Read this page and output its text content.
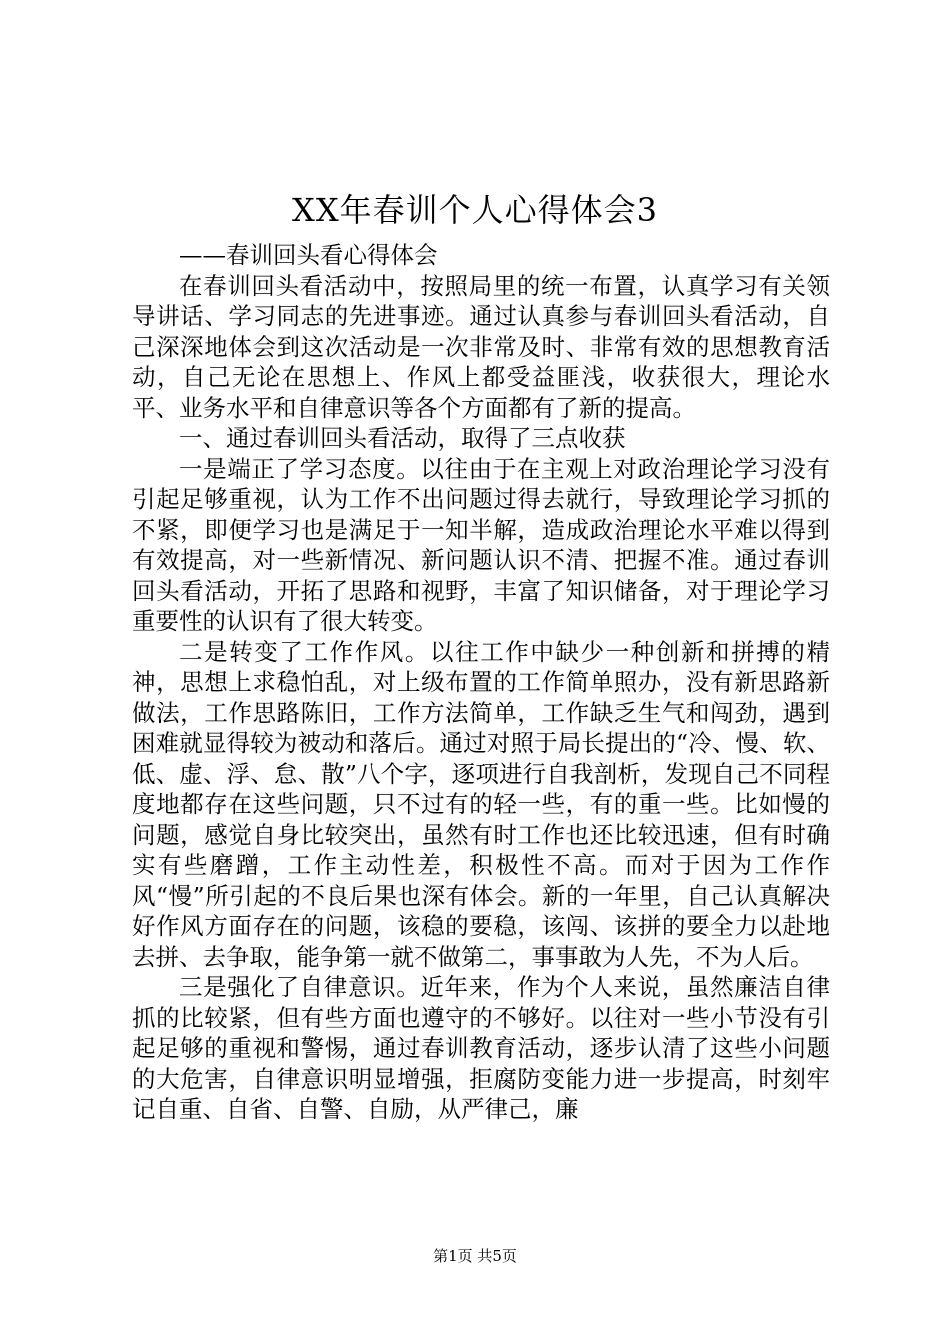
XX年春训个人心得体会3

——春训回头看心得体会

在春训回头看活动中，按照局里的统一布置，认真学习有关领导讲话、学习同志的先进事迹。通过认真参与春训回头看活动，自己深深地体会到这次活动是一次非常及时、非常有效的思想教育活动，自己无论在思想上、作风上都受益匪浅，收获很大，理论水平、业务水平和自律意识等各个方面都有了新的提高。

一、通过春训回头看活动，取得了三点收获

一是端正了学习态度。以往由于在主观上对政治理论学习没有引起足够重视，认为工作不出问题过得去就行，导致理论学习抓的不紧，即便学习也是满足于一知半解，造成政治理论水平难以得到有效提高，对一些新情况、新问题认识不清、把握不准。通过春训回头看活动，开拓了思路和视野，丰富了知识储备，对于理论学习重要性的认识有了很大转变。

二是转变了工作作风。以往工作中缺少一种创新和拼搏的精神，思想上求稳怕乱，对上级布置的工作简单照办，没有新思路新做法，工作思路陈旧，工作方法简单，工作缺乏生气和闯劲，遇到困难就显得较为被动和落后。通过对照于局长提出的“冷、慢、软、低、虚、浮、怠、散”八个字，逐项进行自我剖析，发现自己不同程度地都存在这些问题，只不过有的轻一些，有的重一些。比如慢的问题，感觉自身比较突出，虽然有时工作也还比较迅速，但有时确实有些磨蹭，工作主动性差，积极性不高。而对于因为工作作风“慢”所引起的不良后果也深有体会。新的一年里，自己认真解决好作风方面存在的问题，该稳的要稳，该闯、该拼的要全力以赴地去拼、去争取，能争第一就不做第二，事事敢为人先，不为人后。

三是强化了自律意识。近年来，作为个人来说，虽然廉洁自律抓的比较紧，但有些方面也遵守的不够好。以往对一些小节没有引起足够的重视和警惕，通过春训教育活动，逐步认清了这些小问题的大危害，自律意识明显增强，拒腐防变能力进一步提高，时刻牢记自重、自省、自警、自励，从严律己，廉

第1页 共5页
